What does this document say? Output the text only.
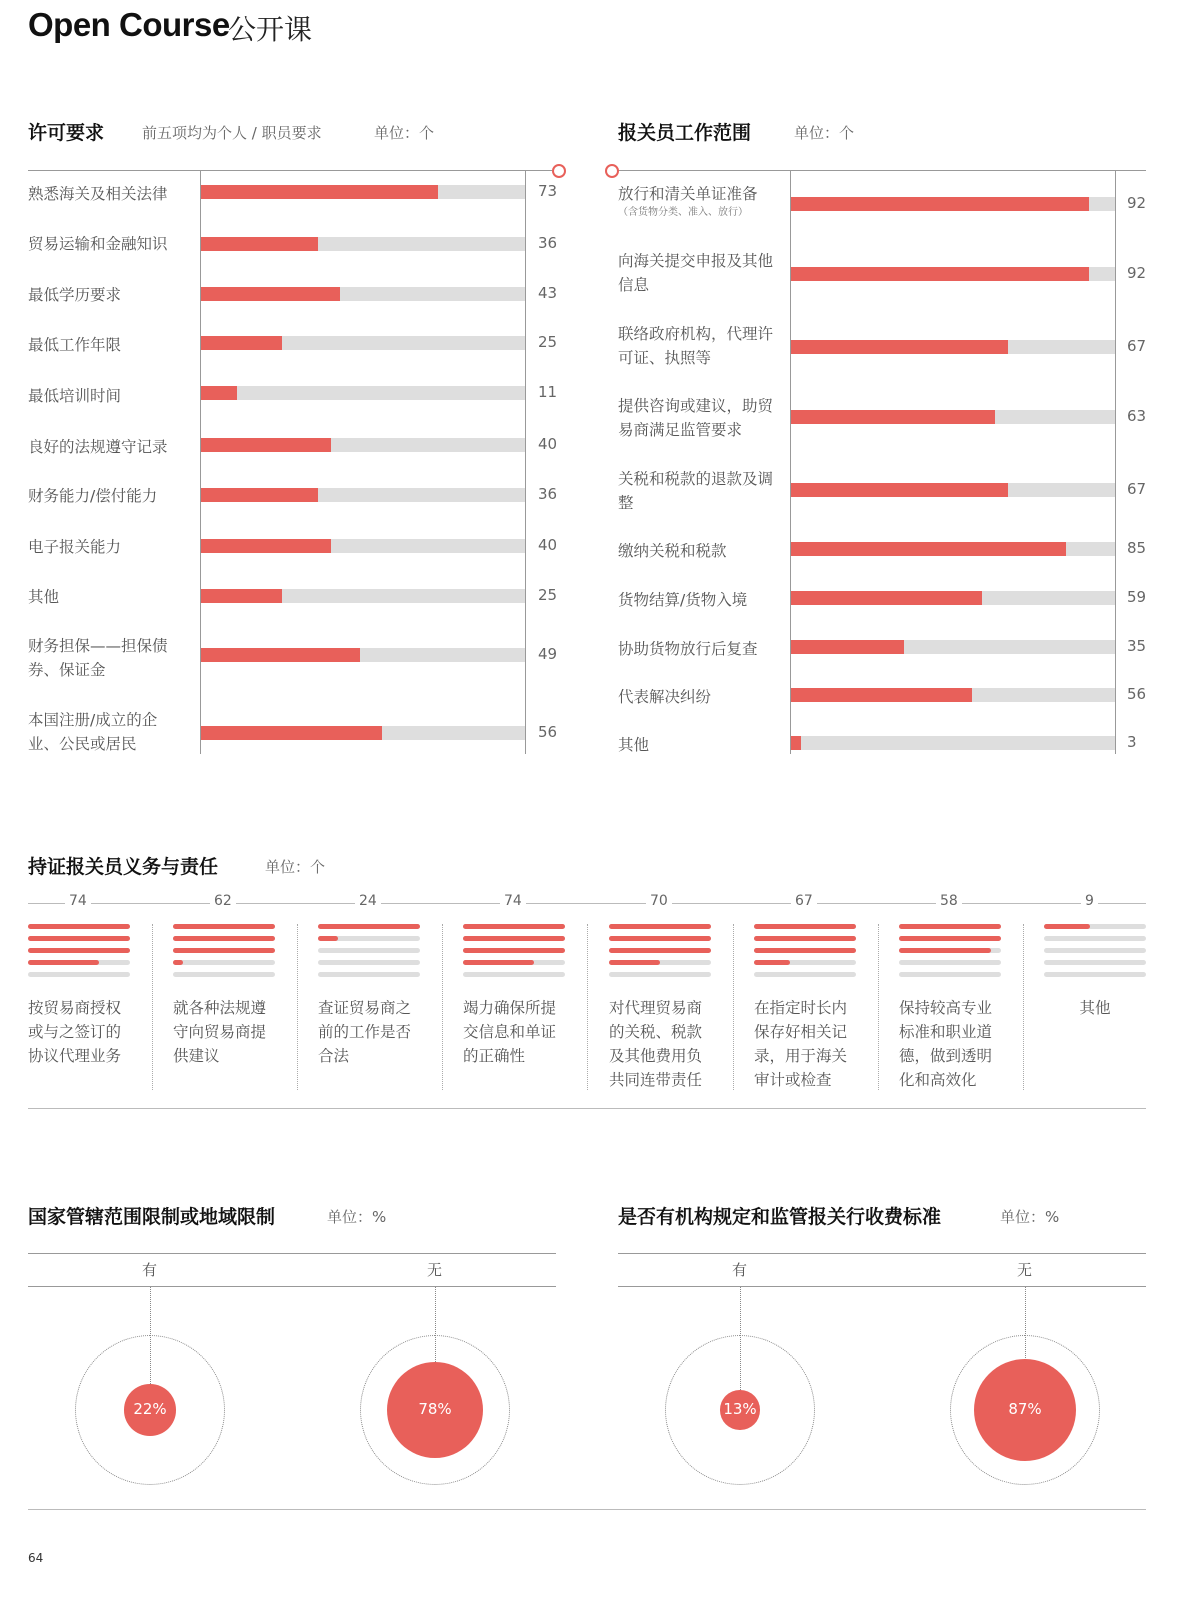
Open Course
公开课
许可要求	前五项均为个人 / 职员要求	单位：个
熟悉海关及相关法律	73
贸易运输和金融知识	36
最低学历要求	43
最低工作年限	25
最低培训时间	11
良好的法规遵守记录	40
财务能力/偿付能力	36
电子报关能力	40
其他	25
财务担保——担保债券、保证金
49
本国注册/成立的企业、公民或居民
56
报关员工作范围	单位：个
放行和清关单证准备
（含货物分类、准入、放行）
92
向海关提交申报及其他信息
92
联络政府机构，代理许可证、执照等
67
提供咨询或建议，助贸易商满足监管要求
63
关税和税款的退款及调整
67
缴纳关税和税款	85
货物结算/货物入境	59
协助货物放行后复查	35
代表解决纠纷	56
其他	3
持证报关员义务与责任	单位：个
74
按贸易商授权或与之签订的协议代理业务
62
就各种法规遵守向贸易商提供建议
24
查证贸易商之前的工作是否合法
74
竭力确保所提交信息和单证的正确性
70
对代理贸易商的关税、税款及其他费用负共同连带责任
67
在指定时长内保存好相关记录，用于海关审计或检查
58
保持较高专业标准和职业道德，做到透明化和高效化
9
其他
国家管辖范围限制或地域限制	单位：%
有
22%
无
78%
是否有机构规定和监管报关行收费标准	单位：%
有
13%
无
87%
64
